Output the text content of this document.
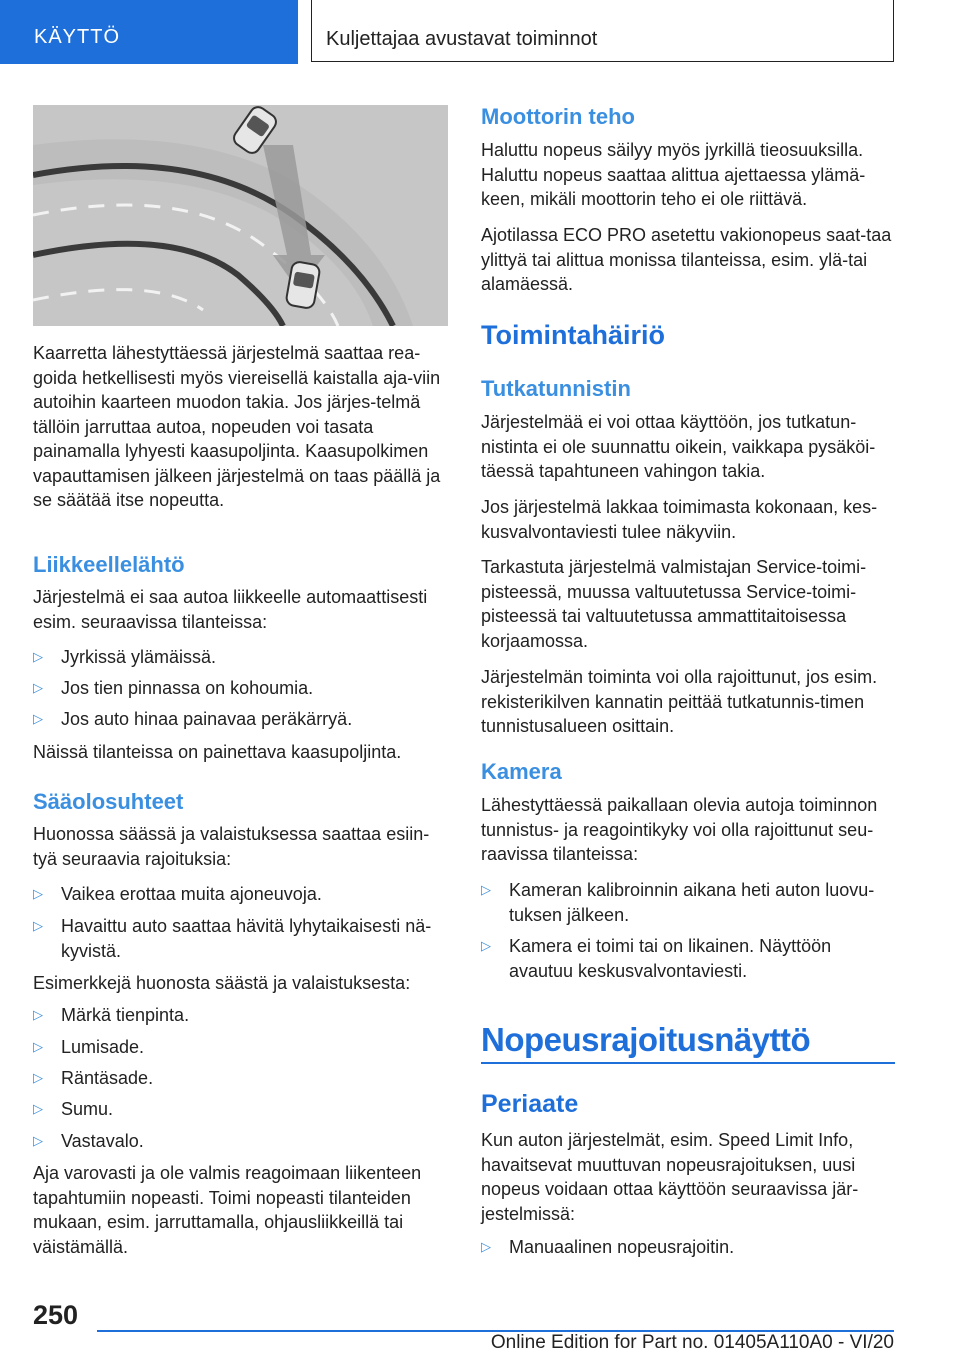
KÄYTTÖ	Kuljettajaa avustavat toiminnot

Kaarretta lähestyttäessä järjestelmä saattaa rea-goida hetkellisesti myös viereisellä kaistalla aja-viin autoihin kaarteen muodon takia. Jos järjes-telmä tällöin jarruttaa autoa, nopeuden voi tasata painamalla lyhyesti kaasupoljinta. Kaasupolkimen vapauttamisen jälkeen järjestelmä on taas päällä ja se säätää itse nopeutta.

Liikkeellelähtö

Järjestelmä ei saa autoa liikkeelle automaattisesti esim. seuraavissa tilanteissa:

▷ Jyrkissä ylämäissä.
▷ Jos tien pinnassa on kohoumia.
▷ Jos auto hinaa painavaa peräkärryä.

Näissä tilanteissa on painettava kaasupoljinta.

Sääolosuhteet

Huonossa säässä ja valaistuksessa saattaa esiin-tyä seuraavia rajoituksia:

▷ Vaikea erottaa muita ajoneuvoja.
▷ Havaittu auto saattaa hävitä lyhytaikaisesti nä-kyvistä.

Esimerkkejä huonosta säästä ja valaistuksesta:

▷ Märkä tienpinta.
▷ Lumisade.
▷ Räntäsade.
▷ Sumu.
▷ Vastavalo.

Aja varovasti ja ole valmis reagoimaan liikenteen tapahtumiin nopeasti. Toimi nopeasti tilanteiden mukaan, esim. jarruttamalla, ohjausliikkeillä tai väistämällä.

Moottorin teho

Haluttu nopeus säilyy myös jyrkillä tieosuuksilla. Haluttu nopeus saattaa alittua ajettaessa ylämä-keen, mikäli moottorin teho ei ole riittävä.

Ajotilassa ECO PRO asetettu vakionopeus saat-taa ylittyä tai alittua monissa tilanteissa, esim. ylä-tai alamäessä.

Toimintahäiriö
Tutkatunnistin

Järjestelmää ei voi ottaa käyttöön, jos tutkatun-nistinta ei ole suunnattu oikein, vaikkapa pysäköi-täessä tapahtuneen vahingon takia.

Jos järjestelmä lakkaa toimimasta kokonaan, kes-kusvalvontaviesti tulee näkyviin.

Tarkastuta järjestelmä valmistajan Service-toimi-pisteessä, muussa valtuutetussa Service-toimi-pisteessä tai valtuutetussa ammattitaitoisessa korjaamossa.

Järjestelmän toiminta voi olla rajoittunut, jos esim. rekisterikilven kannatin peittää tutkatunnis-timen tunnistusalueen osittain.

Kamera

Lähestyttäessä paikallaan olevia autoja toiminnon tunnistus- ja reagointikyky voi olla rajoittunut seu-raavissa tilanteissa:

▷ Kameran kalibroinnin aikana heti auton luovu-tuksen jälkeen.
▷ Kamera ei toimi tai on likainen. Näyttöön avautuu keskusvalvontaviesti.
Nopeusrajoitusnäyttö
Periaate

Kun auton järjestelmät, esim. Speed Limit Info, havaitsevat muuttuvan nopeusrajoituksen, uusi nopeus voidaan ottaa käyttöön seuraavissa jär-jestelmissä:

▷ Manuaalinen nopeusrajoitin.
250
Online Edition for Part no. 01405A110A0 - VI/20
